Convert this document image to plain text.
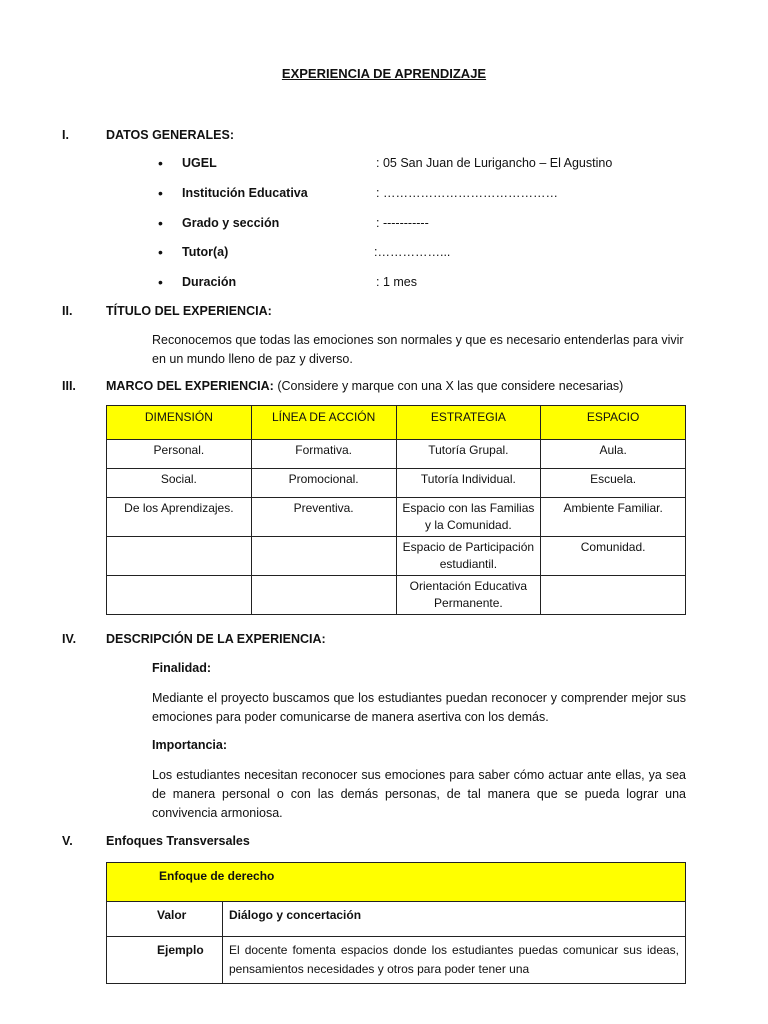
EXPERIENCIA DE APRENDIZAJE
I.	DATOS GENERALES:
• UGEL	: 05 San Juan de Lurigancho – El Agustino
• Institución Educativa	: ……………………………………
• Grado y sección	: -----------
• Tutor(a)	:……………...
• Duración	: 1 mes
II.	TÍTULO DEL EXPERIENCIA:
Reconocemos que todas las emociones son normales y que es necesario entenderlas para vivir en un mundo lleno de paz y diverso.
III. MARCO DEL EXPERIENCIA: (Considere y marque con una X las que considere necesarias)
DIMENSIÓN	LÍNEA DE ACCIÓN	ESTRATEGIA	ESPACIO
Personal.	Formativa.	Tutoría Grupal.	Aula.
Social.	Promocional.	Tutoría Individual.	Escuela.
De los Aprendizajes.	Preventiva.	Espacio con las Familias y la Comunidad.	Ambiente Familiar.
		Espacio de Participación estudiantil.	Comunidad.
		Orientación Educativa Permanente.	
IV. DESCRIPCIÓN DE LA EXPERIENCIA:
Finalidad:
Mediante el proyecto buscamos que los estudiantes puedan reconocer y comprender mejor sus emociones para poder comunicarse de manera asertiva con los demás.
Importancia:
Los estudiantes necesitan reconocer sus emociones para saber cómo actuar ante ellas, ya sea de manera personal o con las demás personas, de tal manera que se pueda lograr una convivencia armoniosa.
V.	Enfoques Transversales
Enfoque de derecho	
Valor	Diálogo y concertación
Ejemplo	El docente fomenta espacios donde los estudiantes puedas comunicar sus ideas, pensamientos necesidades y otros para poder tener una
